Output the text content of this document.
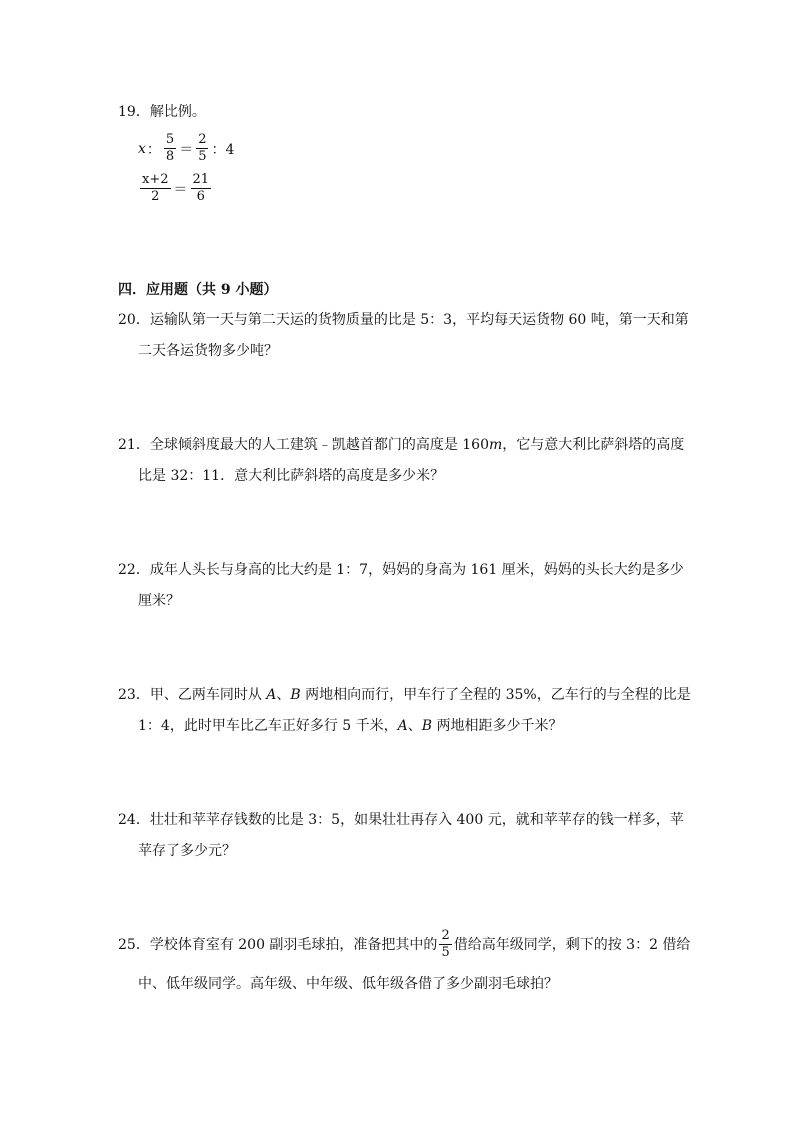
19．解比例。
x ： $\frac{5}{8} = \frac{2}{5}$ ：4
$\frac{x+2}{2} = \frac{21}{6}$
四．应用题（共 9 小题）
20．运输队第一天与第二天运的货物质量的比是 5：3，平均每天运货物 60 吨，第一天和第
二天各运货物多少吨？
21．全球倾斜度最大的人工建筑﹣凯越首都门的高度是 160m，它与意大利比萨斜塔的高度
比是 32：11．意大利比萨斜塔的高度是多少米？
22．成年人头长与身高的比大约是 1：7，妈妈的身高为 161 厘米，妈妈的头长大约是多少
厘米？
23．甲、乙两车同时从 A、B 两地相向而行，甲车行了全程的 35%，乙车行的与全程的比是
1：4，此时甲车比乙车正好多行 5 千米，A、B 两地相距多少千米？
24．壮壮和苹苹存钱数的比是 3：5，如果壮壮再存入 400 元，就和苹苹存的钱一样多，苹
苹存了多少元？
25．学校体育室有 200 副羽毛球拍，准备把其中的 $\frac{2}{5}$ 借给高年级同学，剩下的按 3：2 借给
中、低年级同学。高年级、中年级、低年级各借了多少副羽毛球拍？
